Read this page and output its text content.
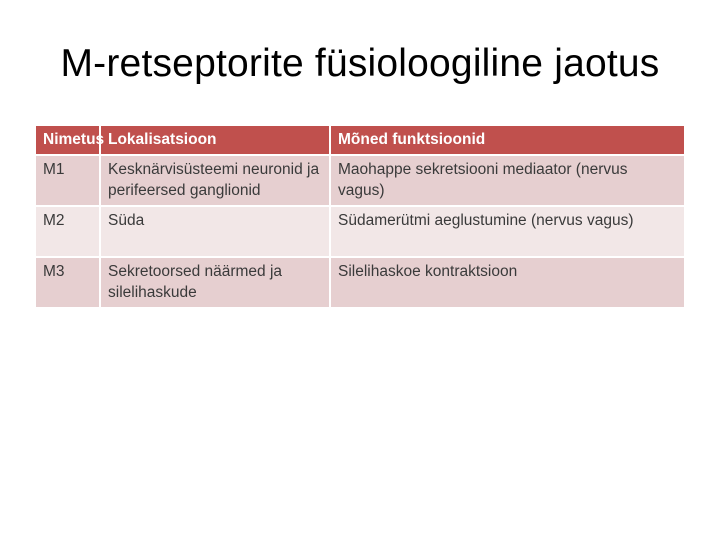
M-retseptorite füsioloogiline jaotus
Nimetus	Lokalisatsioon	Mõned funktsioonid
M1	Kesknärvisüsteemi neuronid ja perifeersed ganglionid	Maohappe sekretsiooni mediaator (nervus vagus)
M2	Süda	Südamerütmi aeglustumine (nervus vagus)
M3	Sekretoorsed näärmed ja silelihaskude	Silelihaskoe kontraktsioon
